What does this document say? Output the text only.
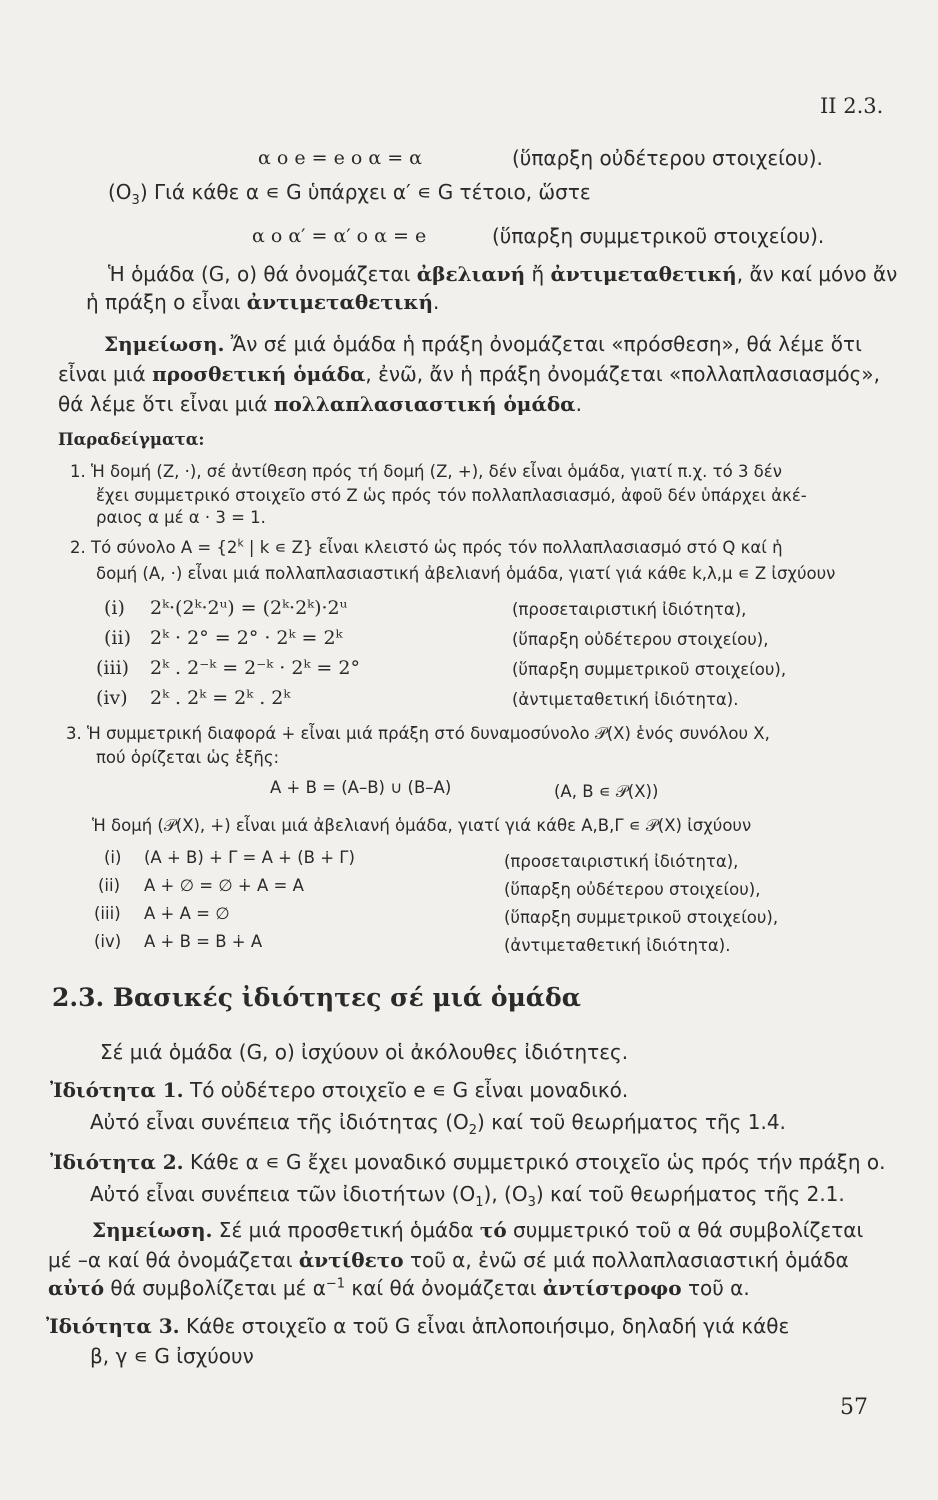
II 2.3.
α ο e = e ο α = α	(ὕπαρξη οὐδέτερου στοιχείου).
$(O_3)$ Γιά κάθε α ∊ G ὑπάρχει α′ ∊ G τέτοιο, ὥστε
α ο α′ = α′ ο α = e	(ὕπαρξη συμμετρικοῦ στοιχείου).
Ἡ ὁμάδα (G, ο) θά ὀνομάζεται ἀβελιανή ἤ ἀντιμεταθετική, ἄν καί μόνο ἄν
ἡ πράξη ο εἶναι ἀντιμεταθετική.
Σημείωση. Ἄν σέ μιά ὁμάδα ἡ πράξη ὀνομάζεται «πρόσθεση», θά λέμε ὅτι
εἶναι μιά προσθετική ὁμάδα, ἐνῶ, ἄν ἡ πράξη ὀνομάζεται «πολλαπλασιασμός»,
θά λέμε ὅτι εἶναι μιά πολλαπλασιαστική ὁμάδα.
Παραδείγματα:
1. Ἡ δομή (Z, ·), σέ ἀντίθεση πρός τή δομή (Z, +), δέν εἶναι ὁμάδα, γιατί π.χ. τό 3 δέν
ἔχει συμμετρικό στοιχεῖο στό Z ὡς πρός τόν πολλαπλασιασμό, ἀφοῦ δέν ὑπάρχει ἀκέ-
ραιος α μέ α · 3 = 1.
2. Τό σύνολο $A = \{2^k$ | k ∊ Z} εἶναι κλειστό ὡς πρός τόν πολλαπλασιασμό στό Q καί ἡ
δομή (A, ·) εἶναι μιά πολλαπλασιαστική ἀβελιανή ὁμάδα, γιατί γιά κάθε k,λ,μ ∊ Z ἰσχύουν
(i) 2ᵏ·(2ᵏ·2ᵘ) = (2ᵏ·2ᵏ)·2ᵘ	(προσεταιριστική ἰδιότητα),
(ii) 2ᵏ · 2° = 2° · 2ᵏ = 2ᵏ	(ὕπαρξη οὐδέτερου στοιχείου),
(iii) 2ᵏ . 2⁻ᵏ = 2⁻ᵏ · 2ᵏ = 2°	(ὕπαρξη συμμετρικοῦ στοιχείου),
(iv) 2ᵏ . 2ᵏ = 2ᵏ . 2ᵏ	(ἀντιμεταθετική ἰδιότητα).
3. Ἡ συμμετρική διαφορά ∔ εἶναι μιά πράξη στό δυναμοσύνολο 𝒫(X) ἑνός συνόλου X,
πού ὁρίζεται ὡς ἑξῆς:
A ∔ B = (A–B) ∪ (B–A)	(A, B ∊ 𝒫(X))
Ἡ δομή (𝒫(X), ∔) εἶναι μιά ἀβελιανή ὁμάδα, γιατί γιά κάθε A,B,Γ ∊ 𝒫(X) ἰσχύουν
(i) (A ∔ B) ∔ Γ = A ∔ (B ∔ Γ)	(προσεταιριστική ἰδιότητα),
(ii) A ∔ ∅ = ∅ ∔ A = A	(ὕπαρξη οὐδέτερου στοιχείου),
(iii) A ∔ A = ∅	(ὕπαρξη συμμετρικοῦ στοιχείου),
(iv) A ∔ B = B ∔ A	(ἀντιμεταθετική ἰδιότητα).
2.3. Βασικές ἰδιότητες σέ μιά ὁμάδα
Σέ μιά ὁμάδα (G, ο) ἰσχύουν οἱ ἀκόλουθες ἰδιότητες.
Ἰδιότητα 1. Τό οὐδέτερο στοιχεῖο e ∊ G εἶναι μοναδικό.
Αὐτό εἶναι συνέπεια τῆς ἰδιότητας $(O_2)$ καί τοῦ θεωρήματος τῆς 1.4.
Ἰδιότητα 2. Κάθε α ∊ G ἔχει μοναδικό συμμετρικό στοιχεῖο ὡς πρός τήν πράξη ο.
Αὐτό εἶναι συνέπεια τῶν ἰδιοτήτων $(O_1)$, $(O_3)$ καί τοῦ θεωρήματος τῆς 2.1.
Σημείωση. Σέ μιά προσθετική ὁμάδα τό συμμετρικό τοῦ α θά συμβολίζεται
μέ –α καί θά ὀνομάζεται ἀντίθετο τοῦ α, ἐνῶ σέ μιά πολλαπλασιαστική ὁμάδα
αὐτό θά συμβολίζεται μέ $\alpha^{-1}$ καί θά ὀνομάζεται ἀντίστροφο τοῦ α.
Ἰδιότητα 3. Κάθε στοιχεῖο α τοῦ G εἶναι ἁπλοποιήσιμο, δηλαδή γιά κάθε
β, γ ∊ G ἰσχύουν
57
